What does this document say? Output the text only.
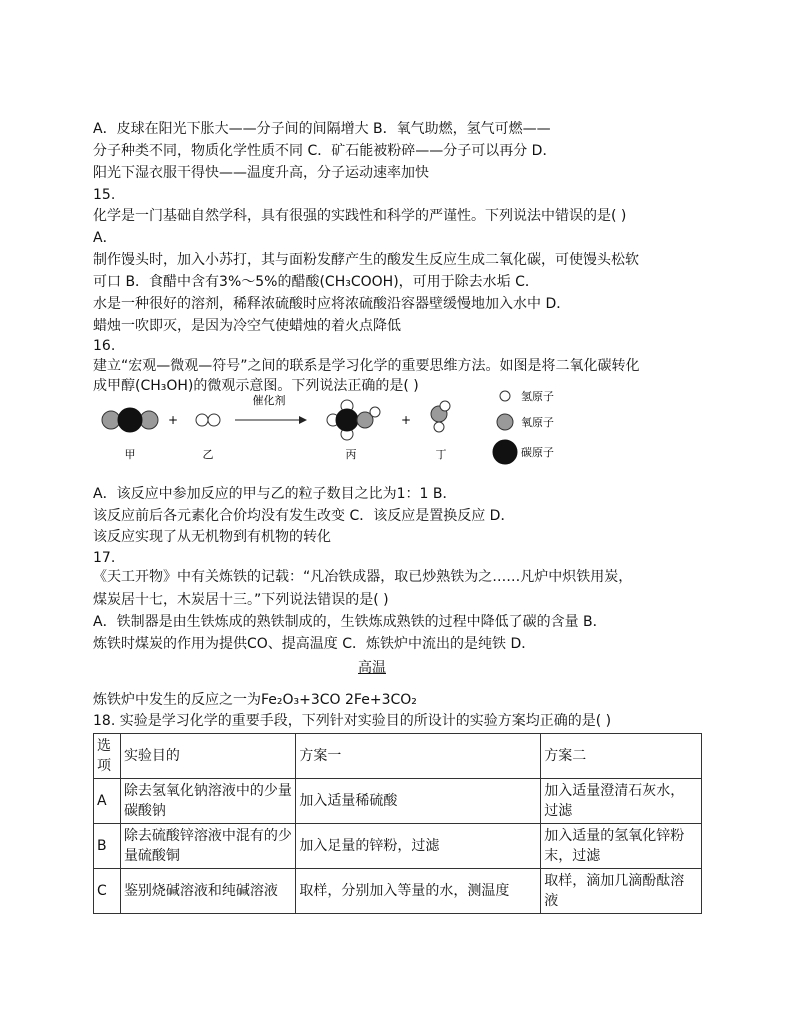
A．皮球在阳光下胀大——分子间的间隔增大 B．氧气助燃，氢气可燃——
分子种类不同，物质化学性质不同 C．矿石能被粉碎——分子可以再分 D．
阳光下湿衣服干得快——温度升高，分子运动速率加快
15.
化学是一门基础自然学科，具有很强的实践性和科学的严谨性。下列说法中错误的是( )
A．
制作馒头时，加入小苏打，其与面粉发酵产生的酸发生反应生成二氧化碳，可使馒头松软
可口 B．食醋中含有3%～5%的醋酸(CH₃COOH)，可用于除去水垢 C．
水是一种很好的溶剂，稀释浓硫酸时应将浓硫酸沿容器壁缓慢地加入水中 D．
蜡烛一吹即灭，是因为冷空气使蜡烛的着火点降低
16.
建立“宏观—微观—符号”之间的联系是学习化学的重要思维方法。如图是将二氧化碳转化
成甲醇(CH₃OH)的微观示意图。下列说法正确的是( )
+
催化剂
+
甲	乙	丙	丁
氢原子
氧原子
碳原子
A．该反应中参加反应的甲与乙的粒子数目之比为1：1 B．
该反应前后各元素化合价均没有发生改变 C．该反应是置换反应 D．
该反应实现了从无机物到有机物的转化
17.
《天工开物》中有关炼铁的记载：“凡冶铁成器，取已炒熟铁为之……凡炉中炽铁用炭，
煤炭居十七，木炭居十三。”下列说法错误的是( )
A．铁制器是由生铁炼成的熟铁制成的，生铁炼成熟铁的过程中降低了碳的含量 B．
炼铁时煤炭的作用为提供CO、提高温度 C．炼铁炉中流出的是纯铁 D．
高温
炼铁炉中发生的反应之一为Fe₂O₃+3CO 2Fe+3CO₂
18. 实验是学习化学的重要手段，下列针对实验目的所设计的实验方案均正确的是( )
选项	实验目的	方案一	方案二
A	除去氢氧化钠溶液中的少量碳酸钠	加入适量稀硫酸	加入适量澄清石灰水，过滤
B	除去硫酸锌溶液中混有的少量硫酸铜	加入足量的锌粉，过滤	加入适量的氢氧化锌粉末，过滤
C	鉴别烧碱溶液和纯碱溶液	取样，分别加入等量的水，测温度	取样，滴加几滴酚酞溶液
